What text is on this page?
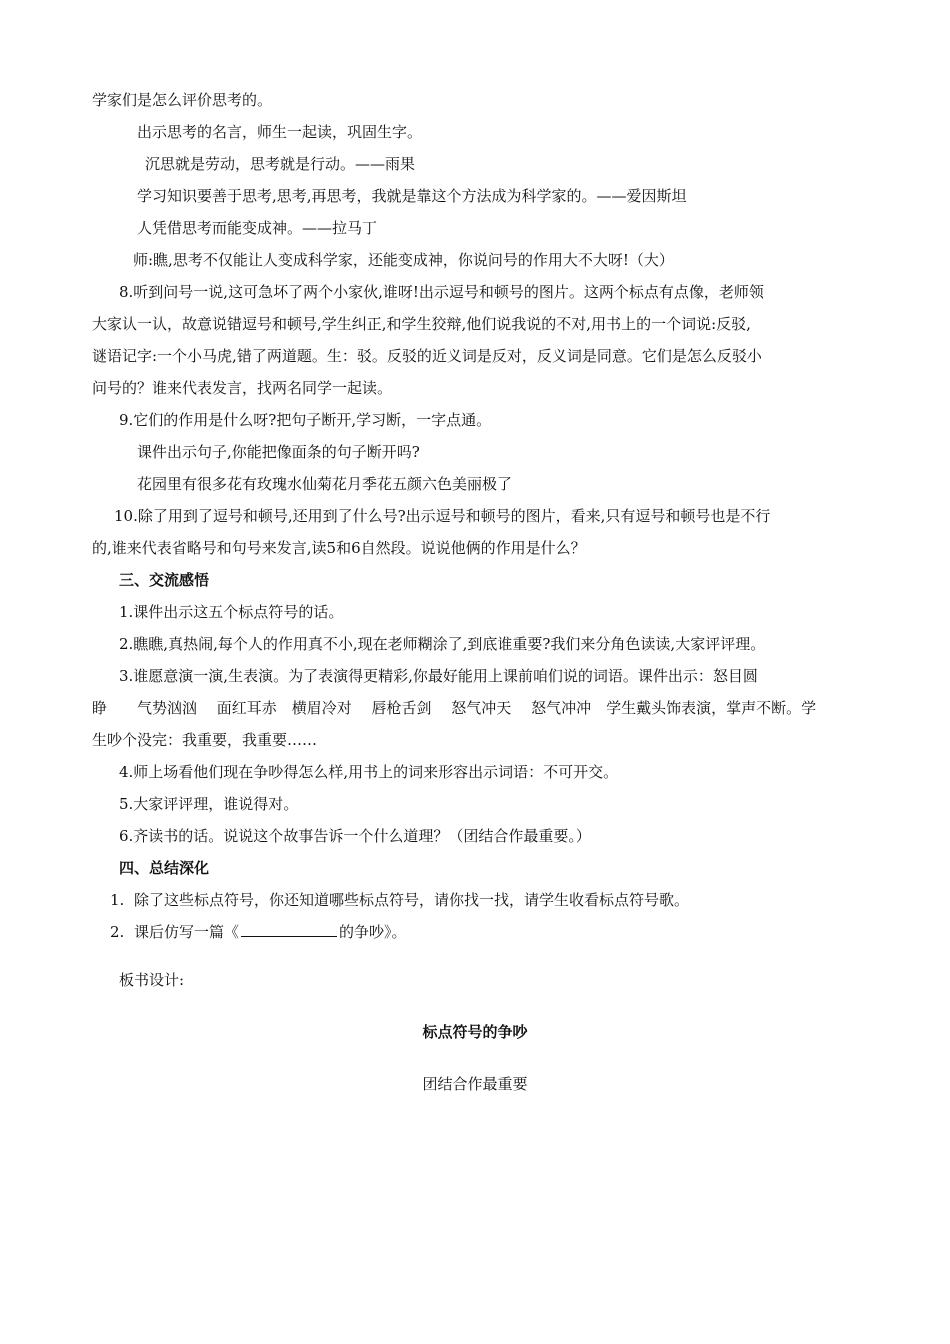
学家们是怎么评价思考的。
出示思考的名言，师生一起读，巩固生字。
沉思就是劳动，思考就是行动。——雨果
学习知识要善于思考,思考,再思考，我就是靠这个方法成为科学家的。——爱因斯坦
人凭借思考而能变成神。——拉马丁
师:瞧,思考不仅能让人变成科学家，还能变成神，你说问号的作用大不大呀!（大）
8.听到问号一说,这可急坏了两个小家伙,谁呀!出示逗号和顿号的图片。这两个标点有点像，老师领
大家认一认，故意说错逗号和顿号,学生纠正,和学生狡辩,他们说我说的不对,用书上的一个词说:反驳,
谜语记字:一个小马虎,错了两道题。生：驳。反驳的近义词是反对，反义词是同意。它们是怎么反驳小
问号的？谁来代表发言，找两名同学一起读。
9.它们的作用是什么呀?把句子断开,学习断，一字点通。
课件出示句子,你能把像面条的句子断开吗?
花园里有很多花有玫瑰水仙菊花月季花五颜六色美丽极了
10.除了用到了逗号和顿号,还用到了什么号?出示逗号和顿号的图片，看来,只有逗号和顿号也是不行
的,谁来代表省略号和句号来发言,读5和6自然段。说说他俩的作用是什么？
三、交流感悟
1.课件出示这五个标点符号的话。
2.瞧瞧,真热闹,每个人的作用真不小,现在老师糊涂了,到底谁重要?我们来分角色读读,大家评评理。
3.谁愿意演一演,生表演。为了表演得更精彩,你最好能用上课前咱们说的词语。课件出示：怒目圆
睁　　气势汹汹　 面红耳赤　横眉冷对　 唇枪舌剑　 怒气冲天　 怒气冲冲　学生戴头饰表演，掌声不断。学
生吵个没完：我重要，我重要……
4.师上场看他们现在争吵得怎么样,用书上的词来形容出示词语：不可开交。
5.大家评评理，谁说得对。
6.齐读书的话。说说这个故事告诉一个什么道理？（团结合作最重要。）
四、总结深化
1. 除了这些标点符号，你还知道哪些标点符号，请你找一找，请学生收看标点符号歌。
2. 课后仿写一篇《	的争吵》。
板书设计:
标点符号的争吵
团结合作最重要
